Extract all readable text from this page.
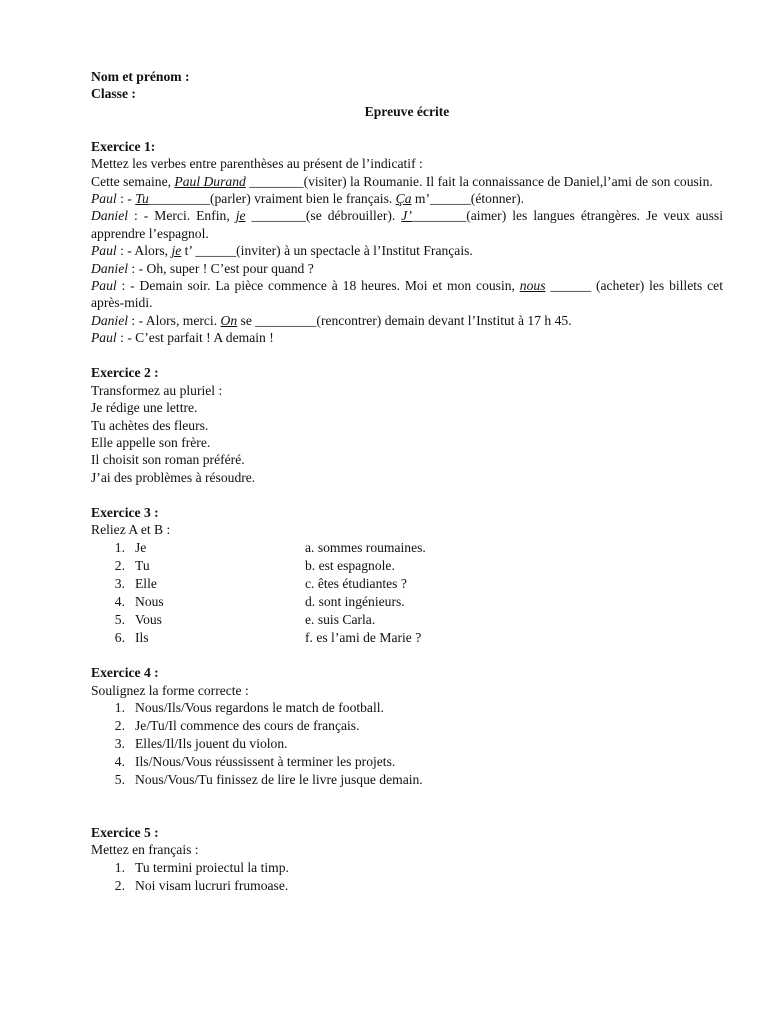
Nom et prénom :
Classe :
Epreuve écrite
Exercice 1:
Mettez les verbes entre parenthèses au présent de l’indicatif :
Cette semaine, Paul Durand ________(visiter) la Roumanie. Il fait la connaissance de Daniel,l’ami de son cousin.
Paul : - Tu_________(parler) vraiment bien le français. Ça m’______(étonner).
Daniel : - Merci. Enfin, je ________(se débrouiller). J’________(aimer) les langues étrangères. Je veux aussi apprendre l’espagnol.
Paul : - Alors, je t’ ______(inviter) à un spectacle à l’Institut Français.
Daniel : - Oh, super ! C’est pour quand ?
Paul : - Demain soir. La pièce commence à 18 heures. Moi et mon cousin, nous ______ (acheter) les billets cet après-midi.
Daniel : - Alors, merci. On se _________(rencontrer) demain devant l’Institut à 17 h 45.
Paul : - C’est parfait ! A demain !
Exercice 2 :
Transformez au pluriel :
Je rédige une lettre.
Tu achètes des fleurs.
Elle appelle son frère.
Il choisit son roman préféré.
J’ai des problèmes à résoudre.
Exercice 3 :
Reliez A et B :
1. Je	a. sommes roumaines.
2. Tu	b. est espagnole.
3. Elle	c. êtes étudiantes ?
4. Nous	d. sont ingénieurs.
5. Vous	e. suis Carla.
6. Ils	f. es l’ami de Marie ?
Exercice 4 :
Soulignez la forme correcte :
1. Nous/Ils/Vous regardons le match de football.
2. Je/Tu/Il commence des cours de français.
3. Elles/Il/Ils jouent du violon.
4. Ils/Nous/Vous réussissent à terminer les projets.
5. Nous/Vous/Tu finissez de lire le livre jusque demain.
Exercice 5 :
Mettez en français :
1. Tu termini proiectul la timp.
2. Noi visam lucruri frumoase.
